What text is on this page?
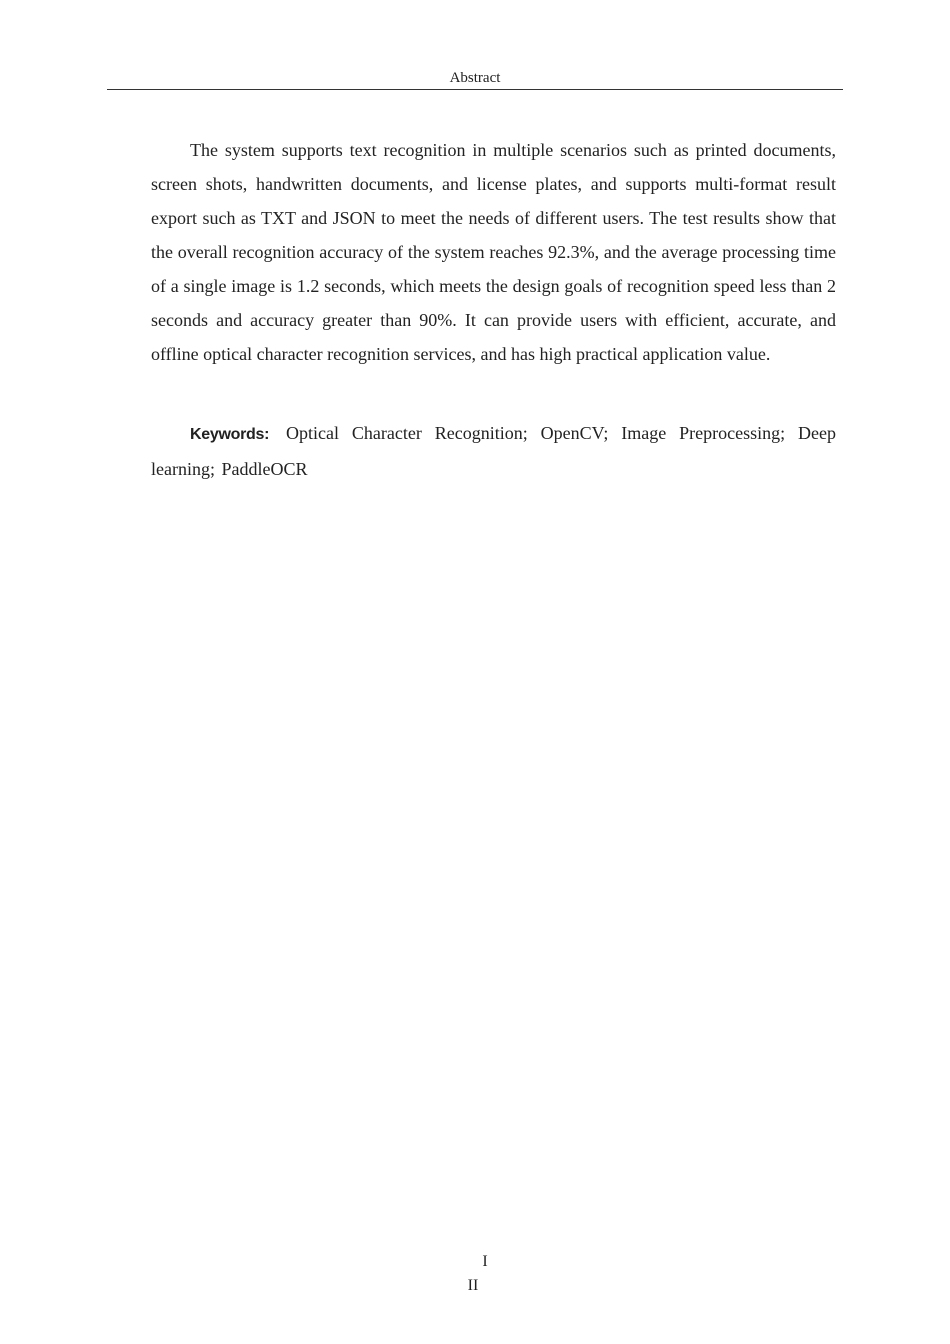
Abstract

The system supports text recognition in multiple scenarios such as printed documents, screen shots, handwritten documents, and license plates, and supports multi-format result export such as TXT and JSON to meet the needs of different users. The test results show that the overall recognition accuracy of the system reaches 92.3%, and the average processing time of a single image is 1.2 seconds, which meets the design goals of recognition speed less than 2 seconds and accuracy greater than 90%. It can provide users with efficient, accurate, and offline optical character recognition services, and has high practical application value.

Keywords: Optical Character Recognition; OpenCV; Image Preprocessing; Deep learning; PaddleOCR

I
II
